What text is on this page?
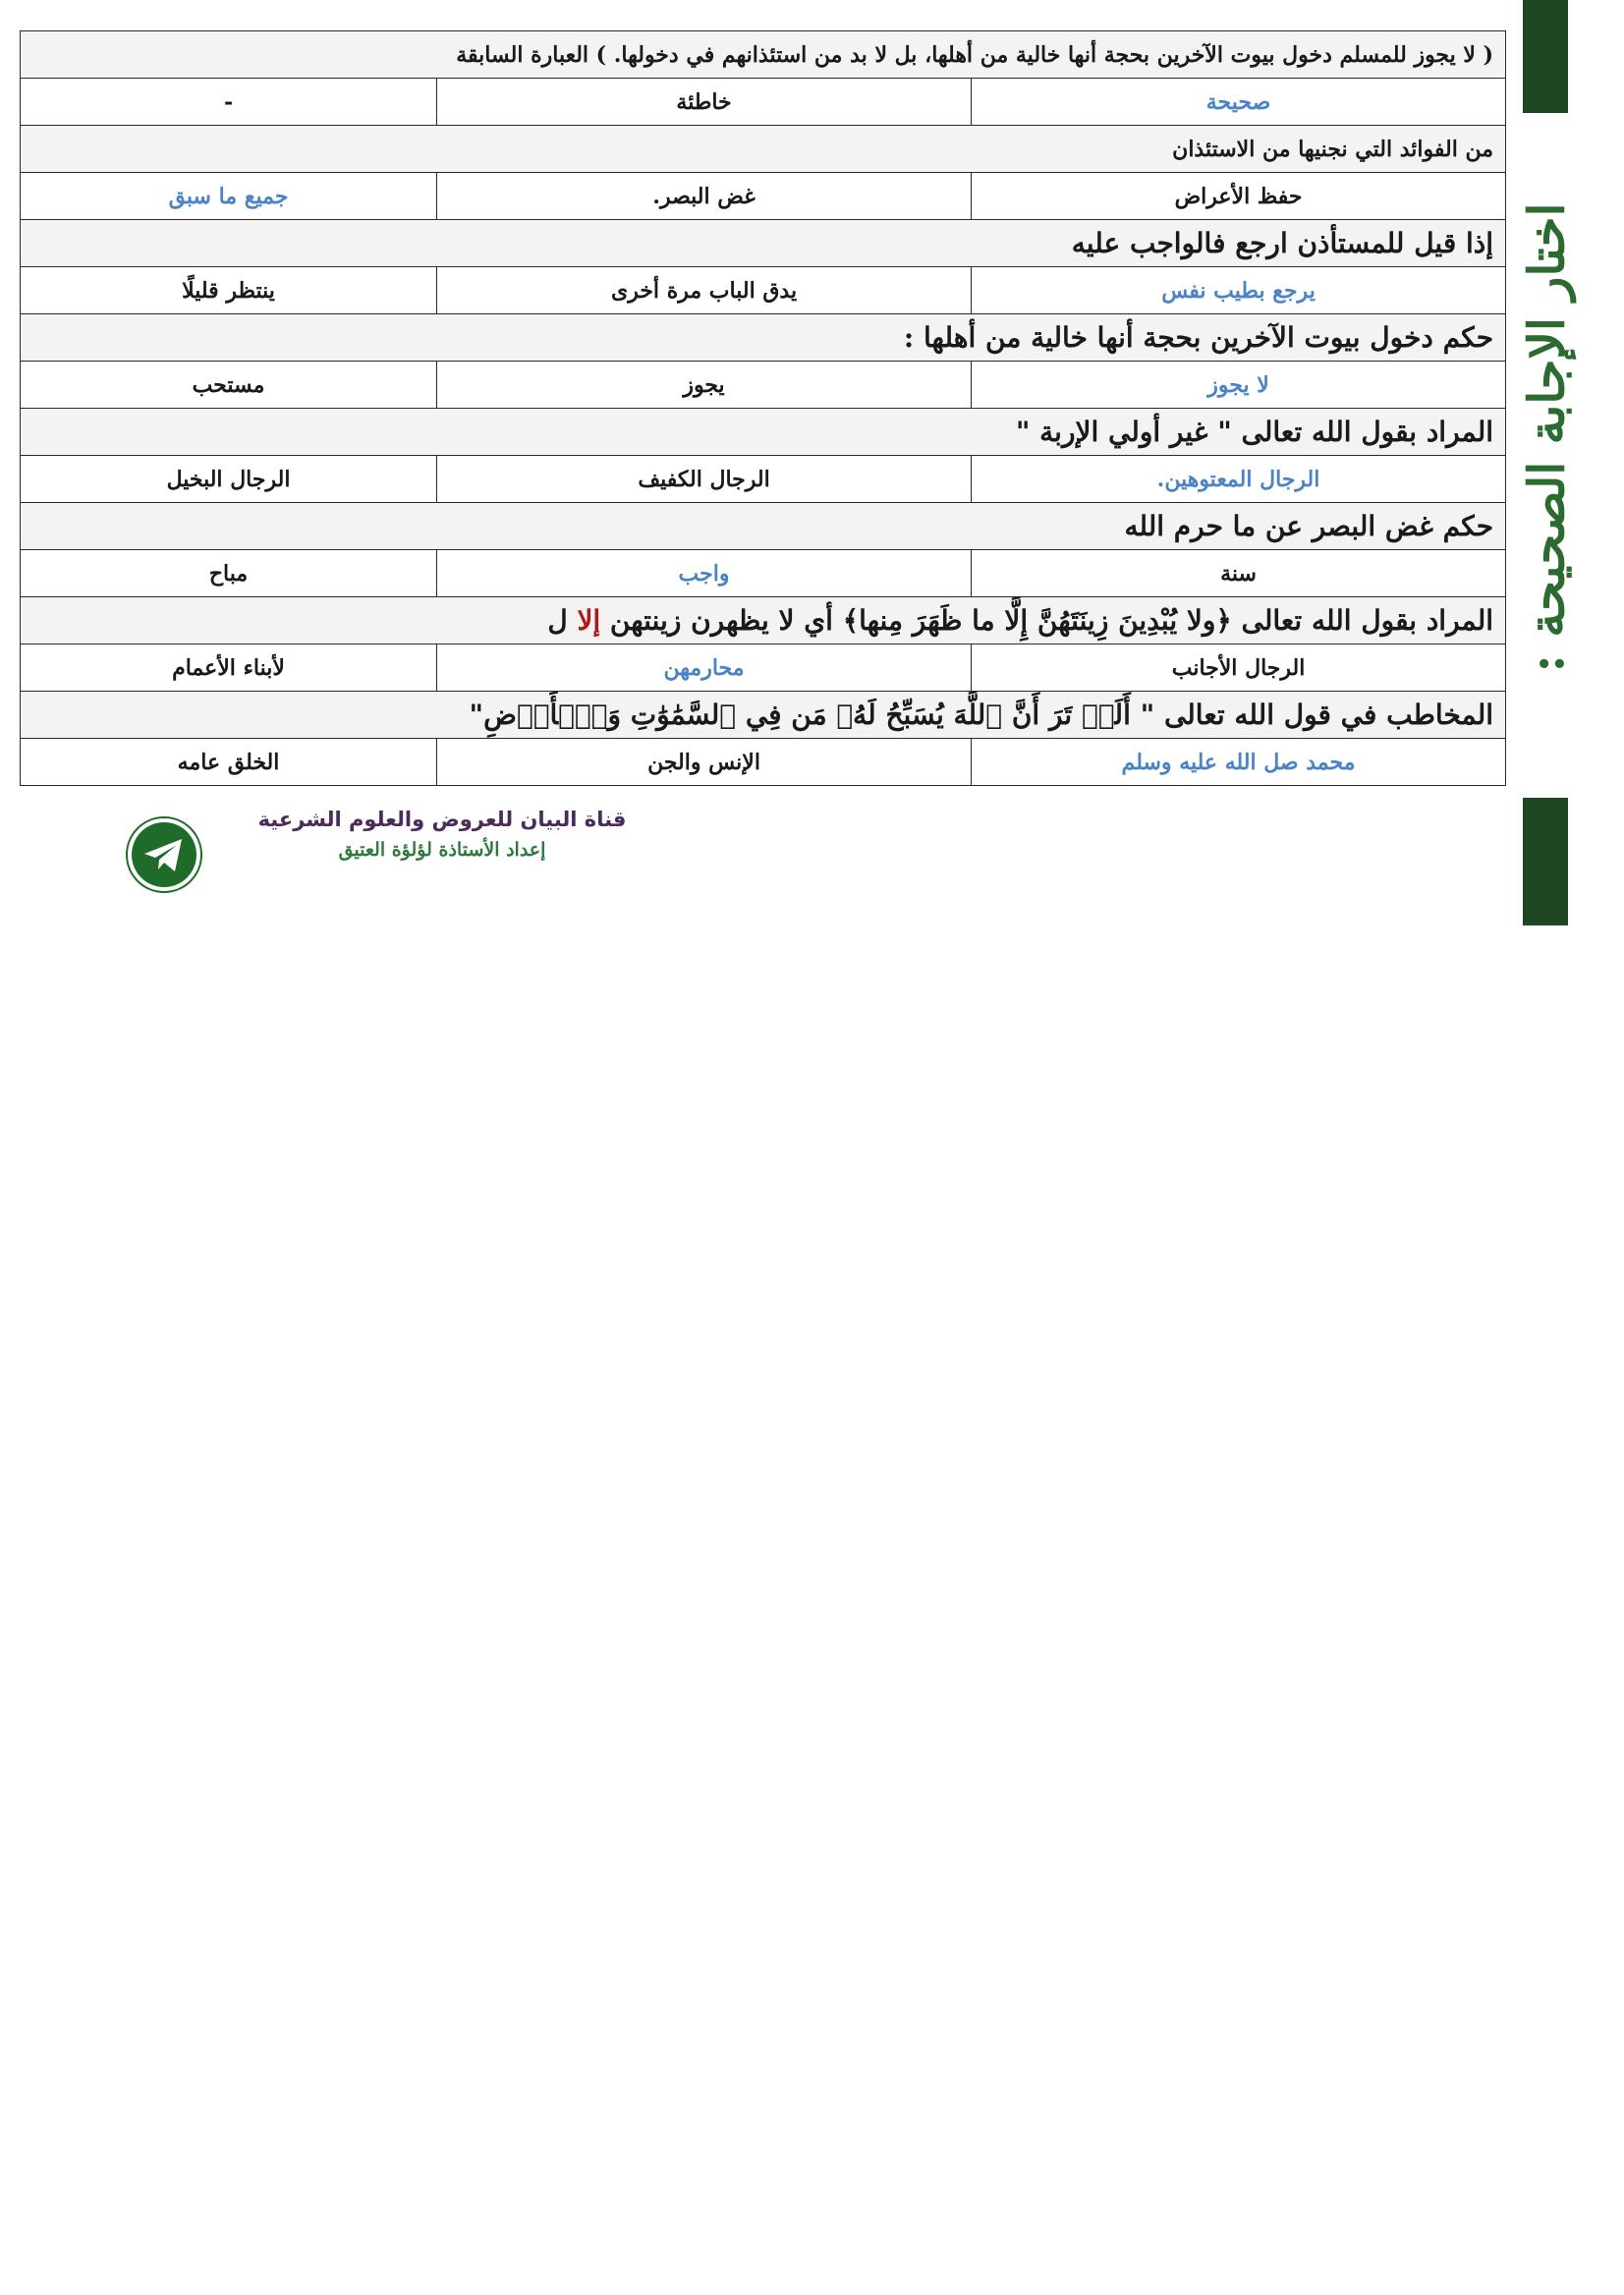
اختار الإجابة الصحيحة :
( لا يجوز للمسلم دخول بيوت الآخرين بحجة أنها خالية من أهلها، بل لا بد من استئذانهم في دخولها. ) العبارة السابقة		
صحيحة	خاطئة	-
من الفوائد التي نجنيها من الاستئذان		
حفظ الأعراض	غض البصر.	جميع ما سبق
إذا قيل للمستأذن ارجع فالواجب عليه		
يرجع بطيب نفس	يدق الباب مرة أخرى	ينتظر قليلًا
حكم دخول بيوت الآخرين بحجة أنها خالية من أهلها :		
لا يجوز	يجوز	مستحب
المراد بقول الله تعالى " غير أولي الإربة "		
الرجال المعتوهين.	الرجال الكفيف	الرجال البخيل
حكم غض البصر عن ما حرم الله		
سنة	واجب	مباح
المراد بقول الله تعالى ﴿ولا يُبْدِينَ زِينَتَهُنَّ إِلَّا ما ظَهَرَ مِنها﴾ أي لا يظهرن زينتهن إلا ل		
الرجال الأجانب	محارمهن	لأبناء الأعمام
المخاطب في قول الله تعالى " أَلَمۡ تَرَ أَنَّ ٱللَّهَ يُسَبِّحُ لَهُۥ مَن فِي ٱلسَّمَٰوَٰتِ وَٱلۡأَرۡضِ"		
محمد صل الله عليه وسلم	الإنس والجن	الخلق عامه
قناة البيان للعروض والعلوم الشرعية
إعداد الأستاذة لؤلؤة العتيق
